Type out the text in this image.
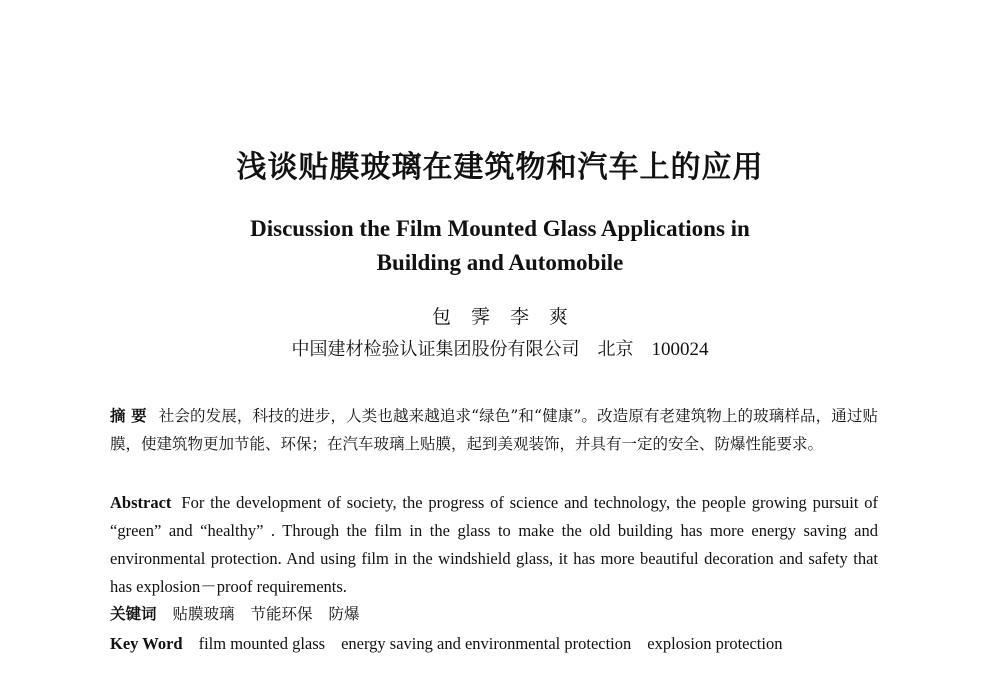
浅谈贴膜玻璃在建筑物和汽车上的应用
Discussion the Film Mounted Glass Applications in
Building and Automobile
包 霁 李 爽
中国建材检验认证集团股份有限公司 北京 100024
摘 要 社会的发展，科技的进步，人类也越来越追求“绿色”和“健康”。改造原有老建筑物上的玻璃样品，通过贴膜，使建筑物更加节能、环保；在汽车玻璃上贴膜，起到美观装饰，并具有一定的安全、防爆性能要求。
Abstract For the development of society, the progress of science and technology, the people growing pursuit of “green” and “healthy” . Through the film in the glass to make the old building has more energy saving and environmental protection. And using film in the windshield glass, it has more beautiful decoration and safety that has explosion－proof requirements.
关键词 贴膜玻璃 节能环保 防爆
Key Word film mounted glass energy saving and environmental protection explosion protection
